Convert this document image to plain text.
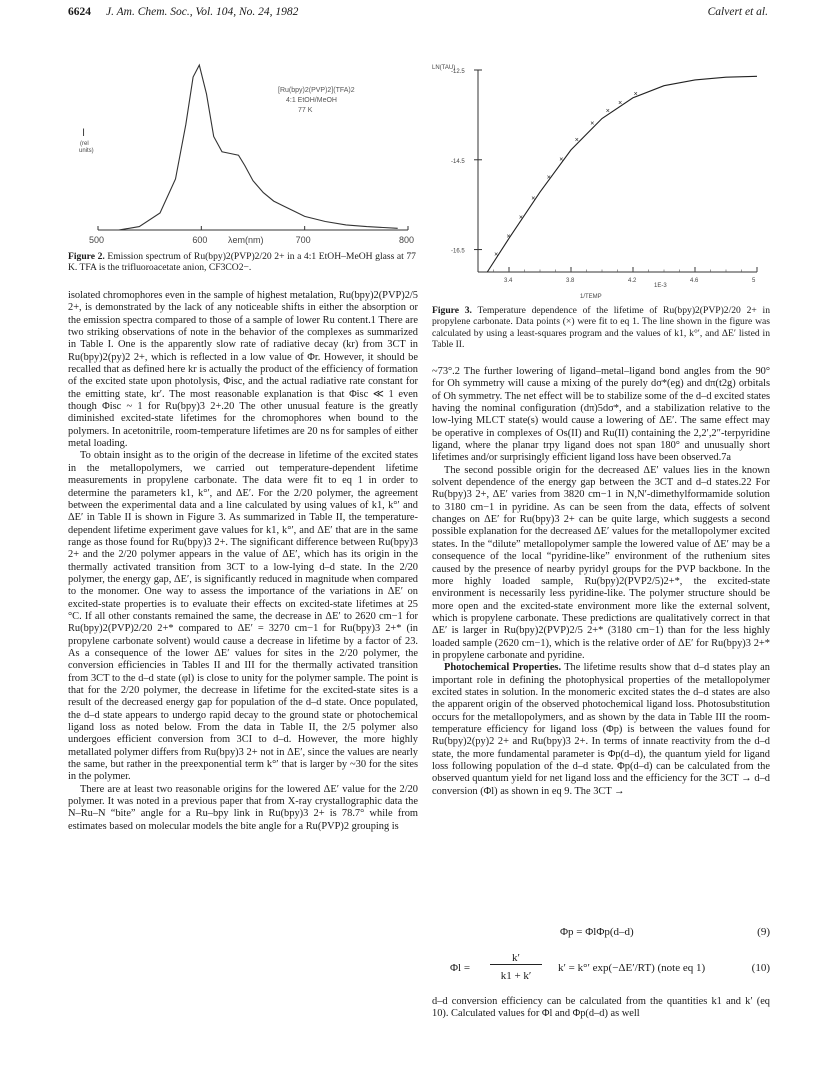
6624 J. Am. Chem. Soc., Vol. 104, No. 24, 1982	Calvert et al.
500	600	700	800
[Ru(bpy)2(PVP)2](TFA)2
4:1 EtOH/MeOH
77 K
I
(rel
units)
λem(nm)
Figure 2. Emission spectrum of Ru(bpy)2(PVP)2/20 2+ in a 4:1 EtOH–MeOH glass at 77 K. TFA is the trifluoroacetate anion, CF3CO2−.
LN(TAU)
3.4	3.8	4.2	4.6	5
-12.5
-14.5
-16.5	×
×
×
×
×
×
×
×
×
×
×
1E-3
1/TEMP
Figure 3. Temperature dependence of the lifetime of Ru(bpy)2(PVP)2/20 2+ in propylene carbonate. Data points (×) were fit to eq 1. The line shown in the figure was calculated by using a least-squares program and the values of k1, k°′, and ΔE′ listed in Table II.

isolated chromophores even in the sample of highest metalation, Ru(bpy)2(PVP)2/5 2+, is demonstrated by the lack of any noticeable shifts in either the absorption or the emission spectra compared to those of a sample of lower Ru content.1 There are two striking observations of note in the behavior of the complexes as summarized in Table I. One is the apparently slow rate of radiative decay (kr) from 3CT in Ru(bpy)2(py)2 2+, which is reflected in a low value of Φr. However, it should be recalled that as defined here kr is actually the product of the efficiency of formation of the excited state upon photolysis, Φisc, and the actual radiative rate constant for the emitting state, kr′. The most reasonable explanation is that Φisc ≪ 1 even though Φisc ~ 1 for Ru(bpy)3 2+.20 The other unusual feature is the greatly diminished excited-state lifetimes for the chromophores when bound to the polymers. In acetonitrile, room-temperature lifetimes are 20 ns for samples of either metal loading.

To obtain insight as to the origin of the decrease in lifetime of the excited states in the metallopolymers, we carried out temperature-dependent lifetime measurements in propylene carbonate. The data were fit to eq 1 in order to determine the parameters k1, k°′, and ΔE′. For the 2/20 polymer, the agreement between the experimental data and a line calculated by using values of k1, k°′ and ΔE′ in Table II is shown in Figure 3. As summarized in Table II, the temperature-dependent lifetime experiment gave values for k1, k°′, and ΔE′ that are in the same range as those found for Ru(bpy)3 2+. The significant difference between Ru(bpy)3 2+ and the 2/20 polymer appears in the value of ΔE′, which has its origin in the thermally activated transition from 3CT to a low-lying d–d state. In the 2/20 polymer, the energy gap, ΔE′, is significantly reduced in magnitude when compared to the monomer. One way to assess the importance of the variations in ΔE′ on excited-state properties is to evaluate their effects on excited-state lifetimes at 25 °C. If all other constants remained the same, the decrease in ΔE′ to 2620 cm−1 for Ru(bpy)2(PVP)2/20 2+* compared to ΔE′ = 3270 cm−1 for Ru(bpy)3 2+* (in propylene carbonate solvent) would cause a decrease in lifetime by a factor of 23. As a consequence of the lower ΔE′ values for sites in the 2/20 polymer, the conversion efficiencies in Tables II and III for the thermally activated transition from 3CT to the d–d state (φl) is close to unity for the polymer sample. The point is that for the 2/20 polymer, the decrease in lifetime for the excited-state sites is a result of the decreased energy gap for population of the d–d state. Once populated, the d–d state appears to undergo rapid decay to the ground state or photochemical ligand loss as noted below. From the data in Table II, the 2/5 polymer also undergoes efficient conversion from 3CI to d–d. However, the more highly metallated polymer differs from Ru(bpy)3 2+ not in ΔE′, since the values are nearly the same, but rather in the preexponential term k°′ that is larger by ~30 for the sites in the polymer.

There are at least two reasonable origins for the lowered ΔE′ value for the 2/20 polymer. It was noted in a previous paper that from X-ray crystallographic data the N–Ru–N “bite” angle for a Ru–bpy link in Ru(bpy)3 2+ is 78.7° while from estimates based on molecular models the bite angle for a Ru(PVP)2 grouping is

~73°.2 The further lowering of ligand–metal–ligand bond angles from the 90° for Oh symmetry will cause a mixing of the purely dσ*(eg) and dπ(t2g) orbitals of Oh symmetry. The net effect will be to stabilize some of the d–d excited states having the nominal configuration (dπ)5dσ*, and a stabilization relative to the low-lying MLCT state(s) would cause a lowering of ΔE′. The same effect may be operative in complexes of Os(II) and Ru(II) containing the 2,2′,2″-terpyridine ligand, where the planar trpy ligand does not span 180° and unusually short lifetimes and/or surprisingly efficient ligand loss have been observed.7a

The second possible origin for the decreased ΔE′ values lies in the known solvent dependence of the energy gap between the 3CT and d–d states.22 For Ru(bpy)3 2+, ΔE′ varies from 3820 cm−1 in N,N′-dimethylformamide solution to 3180 cm−1 in pyridine. As can be seen from the data, effects of solvent changes on ΔE′ for Ru(bpy)3 2+ can be quite large, which suggests a second possible explanation for the decreased ΔE′ values for the metallopolymer excited states. In the “dilute” metallopolymer sample the lowered value of ΔE′ may be a consequence of the local “pyridine-like” environment of the ruthenium sites caused by the presence of nearby pyridyl groups for the PVP backbone. In the more highly loaded sample, Ru(bpy)2(PVP2/5)2+*, the excited-state environment is necessarily less pyridine-like. The polymer structure should be more open and the excited-state environment more like the external solvent, which is propylene carbonate. These predictions are qualitatively correct in that ΔE′ is larger in Ru(bpy)2(PVP)2/5 2+* (3180 cm−1) than for the less highly loaded sample (2620 cm−1), which is the relative order of ΔE′ for Ru(bpy)3 2+* in propylene carbonate and pyridine.

Photochemical Properties. The lifetime results show that d–d states play an important role in defining the photophysical properties of the metallopolymer excited states in solution. In the monomeric excited states the d–d states are also the apparent origin of the observed photochemical ligand loss. Photosubstitution occurs for the metallopolymers, and as shown by the data in Table III the room-temperature efficiency for ligand loss (Φp) is between the values found for Ru(bpy)2(py)2 2+ and Ru(bpy)3 2+. In terms of innate reactivity from the d–d state, the more fundamental parameter is Φp(d–d), the quantum yield for ligand loss following population of the d–d state. Φp(d–d) can be calculated from the observed quantum yield for net ligand loss and the efficiency for the 3CT → d–d conversion (Φl) as shown in eq 9. The 3CT →

Φp = ΦlΦp(d–d)	(9)
Φl =
k′
k1 + k′
k′ = k°′ exp(−ΔE′/RT) (note eq 1)	(10)

d–d conversion efficiency can be calculated from the quantities k1 and k′ (eq 10). Calculated values for Φl and Φp(d–d) as well
